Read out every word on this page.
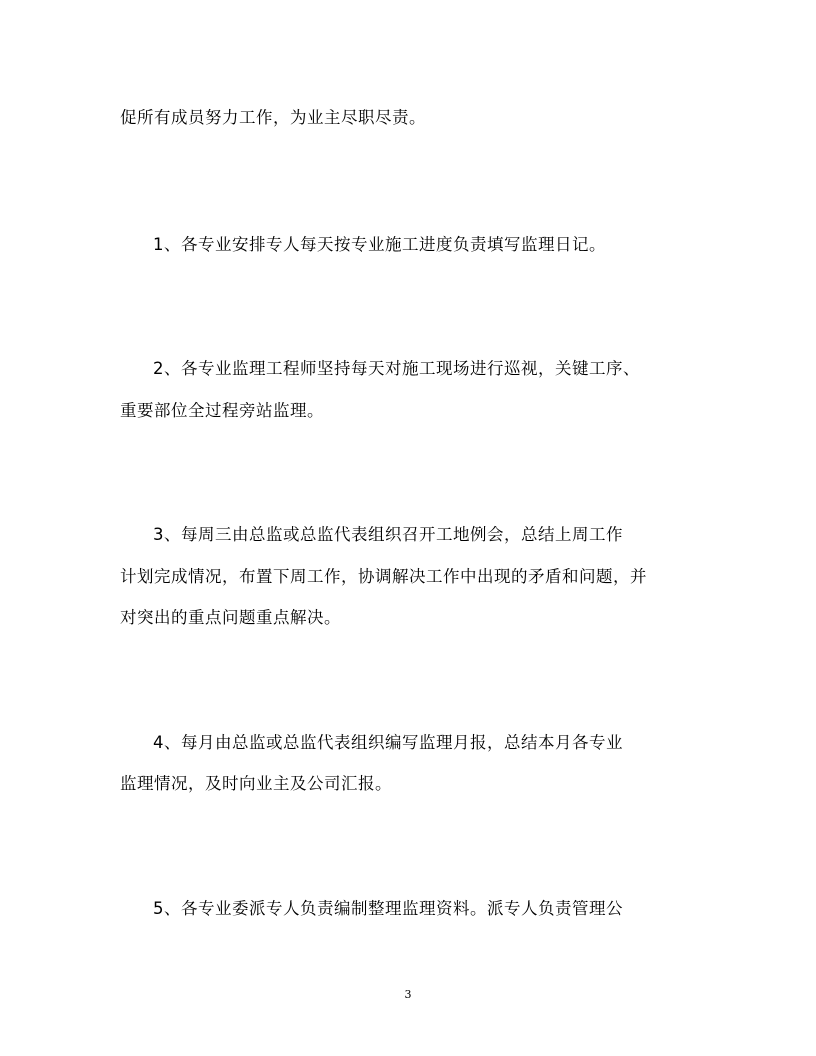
促所有成员努力工作，为业主尽职尽责。
1、各专业安排专人每天按专业施工进度负责填写监理日记。
2、各专业监理工程师坚持每天对施工现场进行巡视，关键工序、
重要部位全过程旁站监理。
3、每周三由总监或总监代表组织召开工地例会，总结上周工作
计划完成情况，布置下周工作，协调解决工作中出现的矛盾和问题，并
对突出的重点问题重点解决。
4、每月由总监或总监代表组织编写监理月报，总结本月各专业
监理情况，及时向业主及公司汇报。
5、各专业委派专人负责编制整理监理资料。派专人负责管理公
3
